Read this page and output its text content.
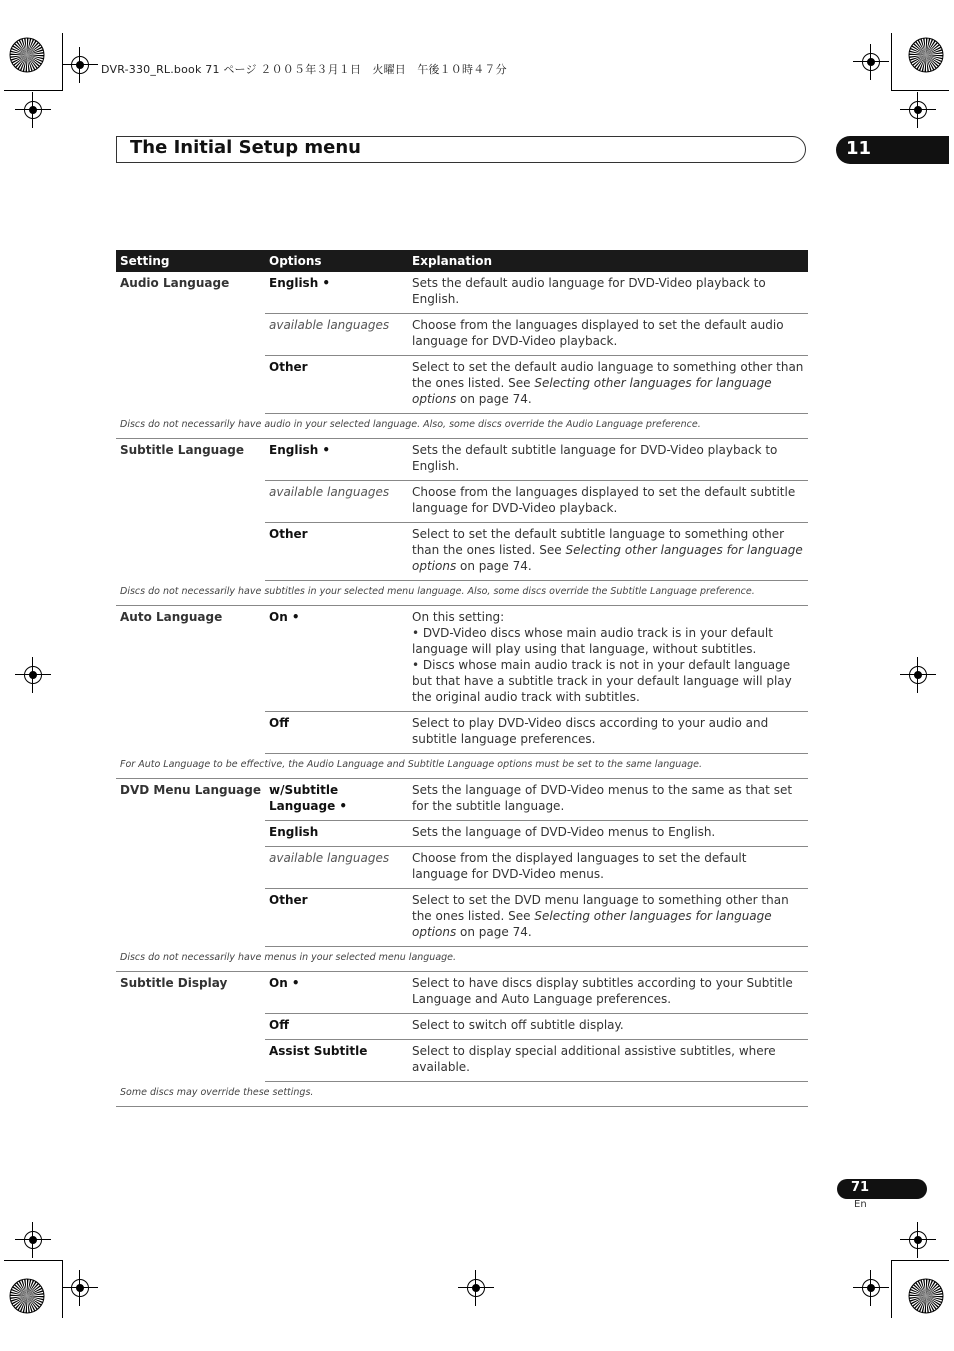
DVR-330_RL.book 71 ページ ２００５年３月１日　火曜日　午後１０時４７分
The Initial Setup menu	11
Setting	Options	Explanation
Audio Language	English •	Sets the default audio language for DVD-Video playback to English.
	available languages	Choose from the languages displayed to set the default audio language for DVD-Video playback.
	Other	Select to set the default audio language to something other than the ones listed. See Selecting other languages for language options on page 74.
Discs do not necessarily have audio in your selected language. Also, some discs override the Audio Language preference.		
Subtitle Language	English •	Sets the default subtitle language for DVD-Video playback to English.
	available languages	Choose from the languages displayed to set the default subtitle language for DVD-Video playback.
	Other	Select to set the default subtitle language to something other than the ones listed. See Selecting other languages for language options on page 74.
Discs do not necessarily have subtitles in your selected menu language. Also, some discs override the Subtitle Language preference.		
Auto Language	On •	On this setting:
• DVD-Video discs whose main audio track is in your default language will play using that language, without subtitles.
• Discs whose main audio track is not in your default language but that have a subtitle track in your default language will play the original audio track with subtitles.

	Off	Select to play DVD-Video discs according to your audio and subtitle language preferences.
For Auto Language to be effective, the Audio Language and Subtitle Language options must be set to the same language.		
DVD Menu Language	w/Subtitle Language •	Sets the language of DVD-Video menus to the same as that set for the subtitle language.
	English	Sets the language of DVD-Video menus to English.
	available languages	Choose from the displayed languages to set the default language for DVD-Video menus.
	Other	Select to set the DVD menu language to something other than the ones listed. See Selecting other languages for language options on page 74.
Discs do not necessarily have menus in your selected menu language.		
Subtitle Display	On •	Select to have discs display subtitles according to your Subtitle Language and Auto Language preferences.
	Off	Select to switch off subtitle display.
	Assist Subtitle	Select to display special additional assistive subtitles, where available.
Some discs may override these settings.		
71
En
